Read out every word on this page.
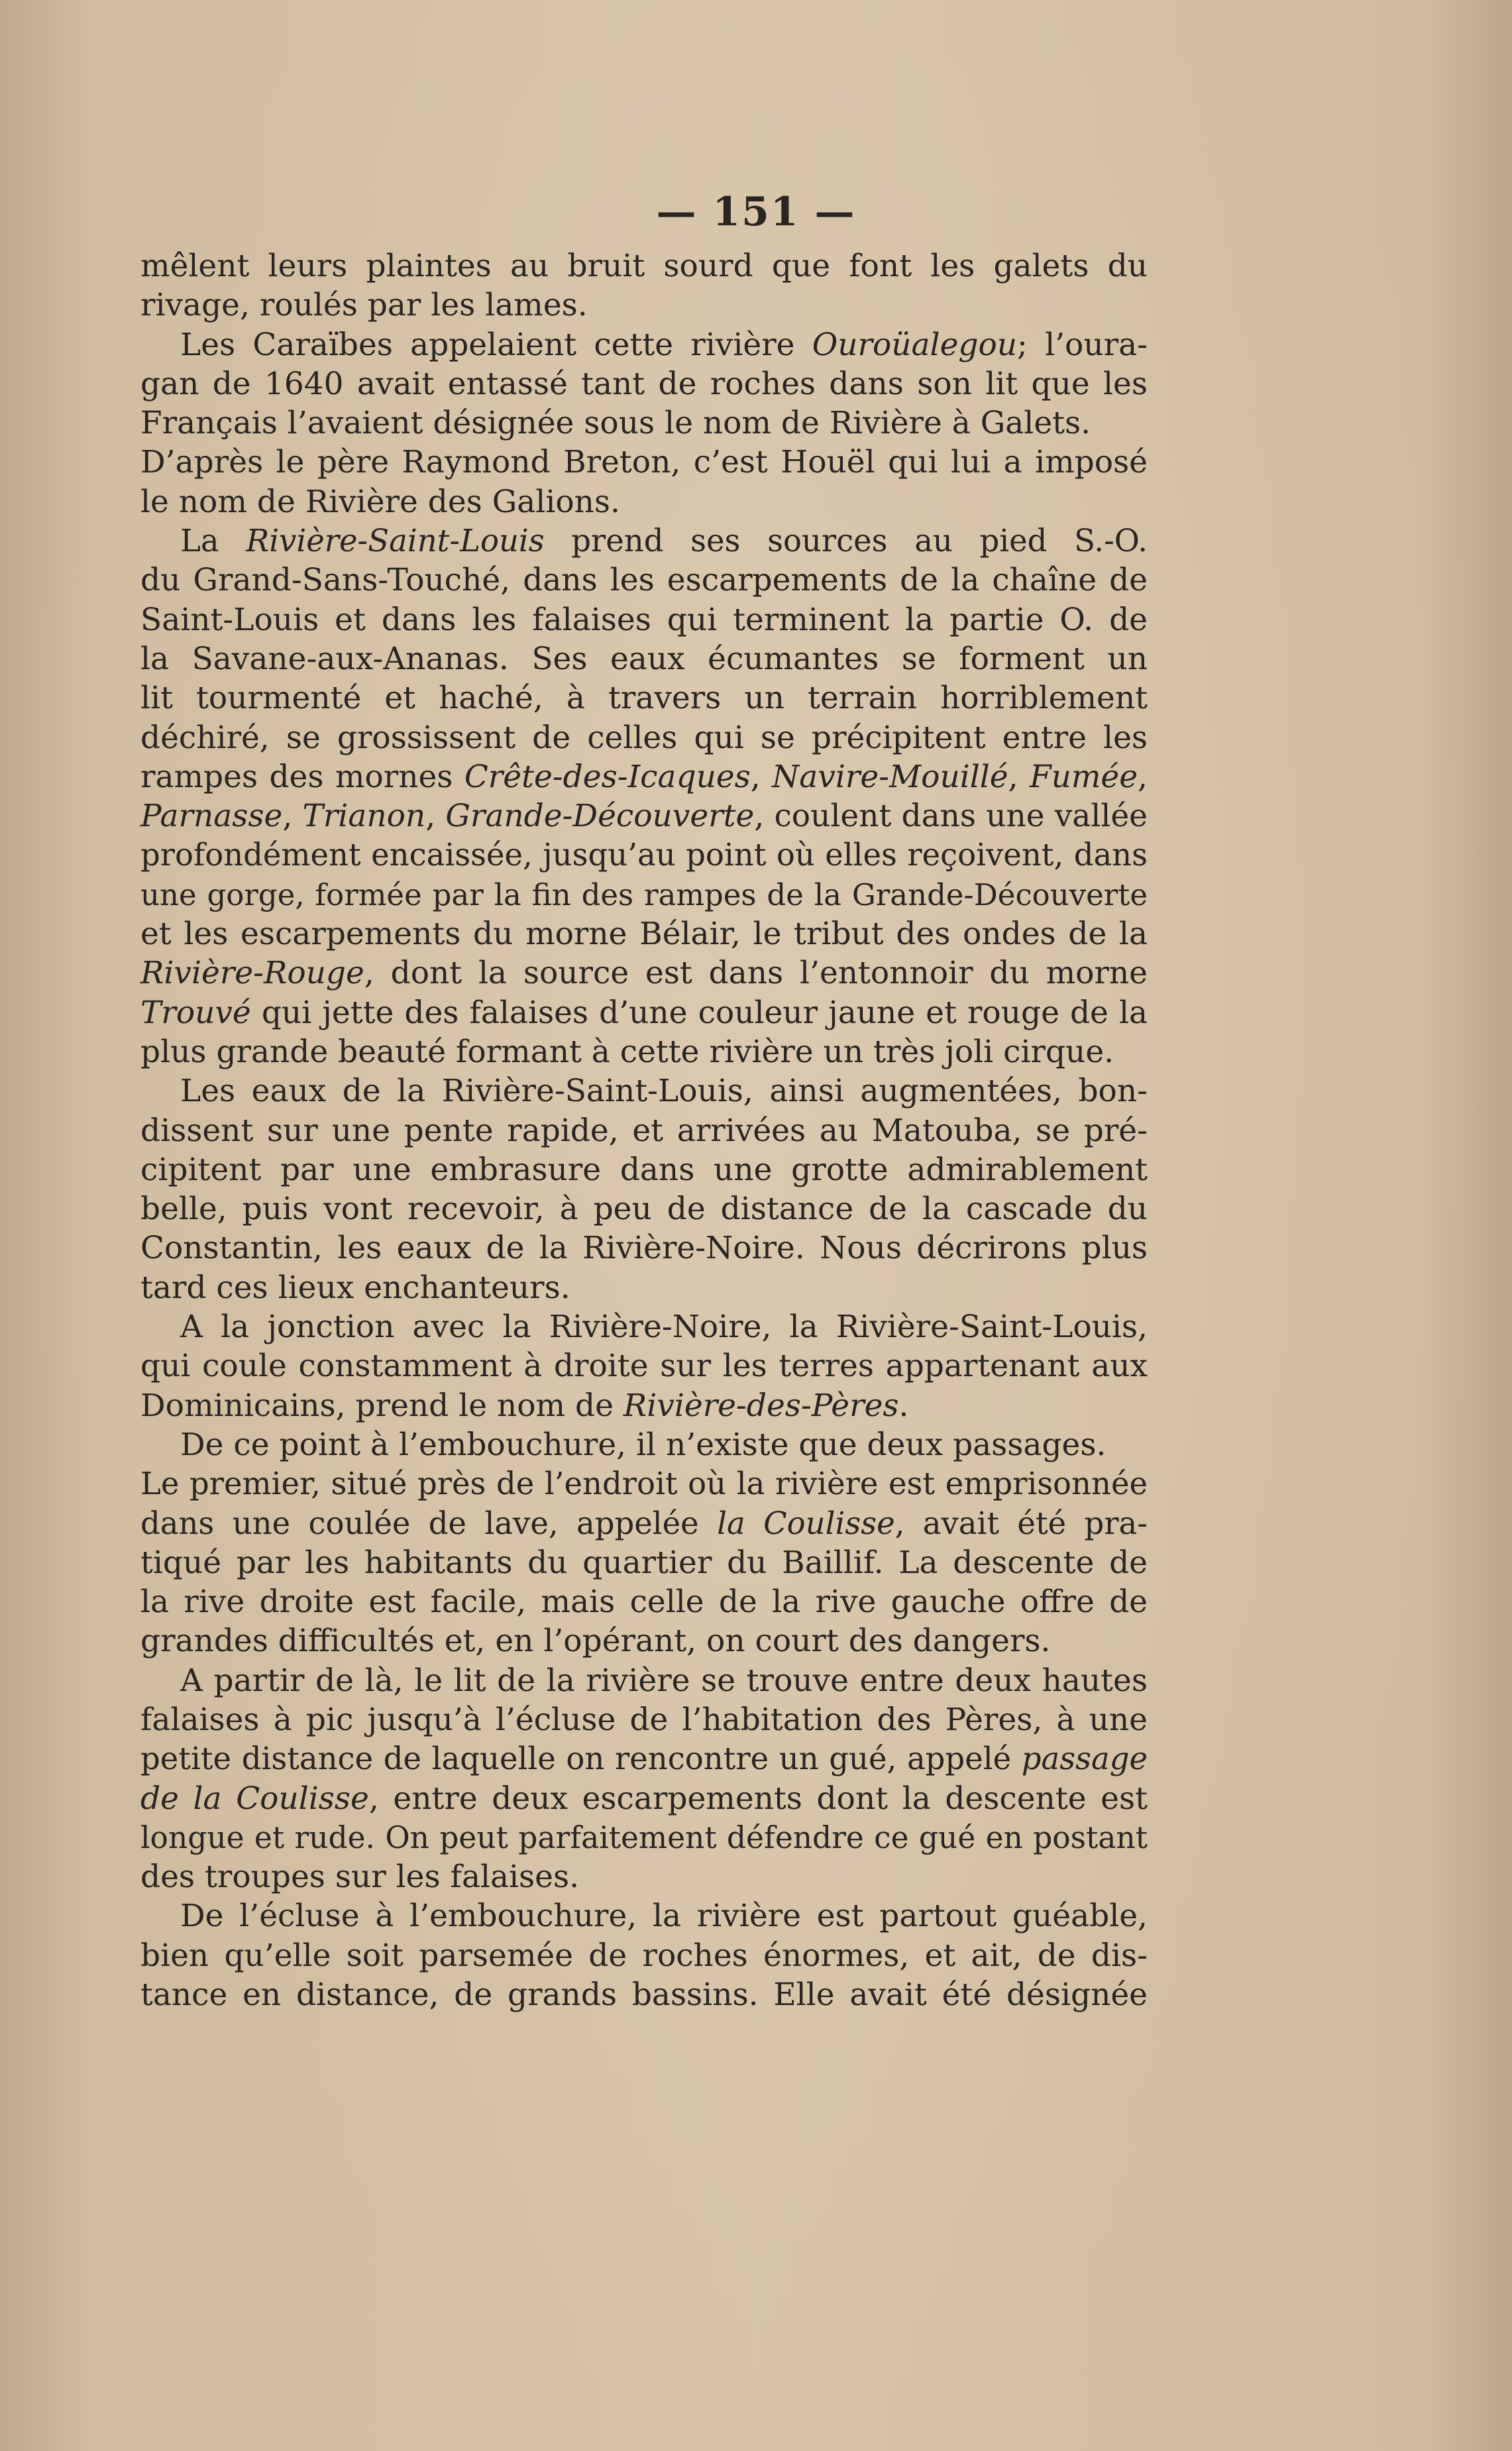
— 151 —
mêlent leurs plaintes au bruit sourd que font les galets du
rivage, roulés par les lames.
Les Caraïbes appelaient cette rivière Ouroüalegou; l’oura-
gan de 1640 avait entassé tant de roches dans son lit que les
Français l’avaient désignée sous le nom de Rivière à Galets.
D’après le père Raymond Breton, c’est Houël qui lui a imposé
le nom de Rivière des Galions.
La Rivière-Saint-Louis prend ses sources au pied S.-O.
du Grand-Sans-Touché, dans les escarpements de la chaîne de
Saint-Louis et dans les falaises qui terminent la partie O. de
la Savane-aux-Ananas. Ses eaux écumantes se forment un
lit tourmenté et haché, à travers un terrain horriblement
déchiré, se grossissent de celles qui se précipitent entre les
rampes des mornes Crête-des-Icaques, Navire-Mouillé, Fumée,
Parnasse, Trianon, Grande-Découverte, coulent dans une vallée
profondément encaissée, jusqu’au point où elles reçoivent, dans
une gorge, formée par la fin des rampes de la Grande-Découverte
et les escarpements du morne Bélair, le tribut des ondes de la
Rivière-Rouge, dont la source est dans l’entonnoir du morne
Trouvé qui jette des falaises d’une couleur jaune et rouge de la
plus grande beauté formant à cette rivière un très joli cirque.
Les eaux de la Rivière-Saint-Louis, ainsi augmentées, bon-
dissent sur une pente rapide, et arrivées au Matouba, se pré-
cipitent par une embrasure dans une grotte admirablement
belle, puis vont recevoir, à peu de distance de la cascade du
Constantin, les eaux de la Rivière-Noire. Nous décrirons plus
tard ces lieux enchanteurs.
A la jonction avec la Rivière-Noire, la Rivière-Saint-Louis,
qui coule constamment à droite sur les terres appartenant aux
Dominicains, prend le nom de Rivière-des-Pères.
De ce point à l’embouchure, il n’existe que deux passages.
Le premier, situé près de l’endroit où la rivière est emprisonnée
dans une coulée de lave, appelée la Coulisse, avait été pra-
tiqué par les habitants du quartier du Baillif. La descente de
la rive droite est facile, mais celle de la rive gauche offre de
grandes difficultés et, en l’opérant, on court des dangers.
A partir de là, le lit de la rivière se trouve entre deux hautes
falaises à pic jusqu’à l’écluse de l’habitation des Pères, à une
petite distance de laquelle on rencontre un gué, appelé passage
de la Coulisse, entre deux escarpements dont la descente est
longue et rude. On peut parfaitement défendre ce gué en postant
des troupes sur les falaises.
De l’écluse à l’embouchure, la rivière est partout guéable,
bien qu’elle soit parsemée de roches énormes, et ait, de dis-
tance en distance, de grands bassins. Elle avait été désignée
